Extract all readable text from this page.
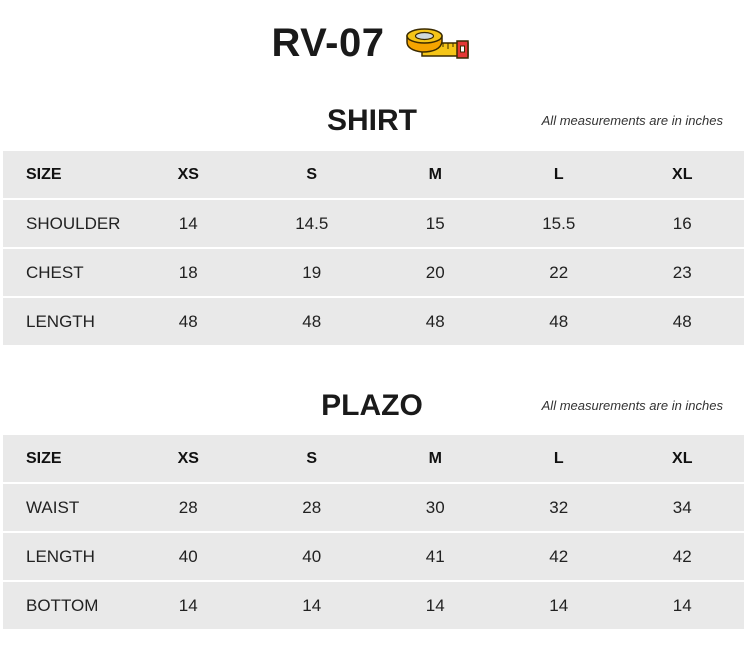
RV-07
SHIRT	All measurements are in inches
SIZE	XS	S	M	L	XL
SHOULDER	14	14.5	15	15.5	16
CHEST	18	19	20	22	23
LENGTH	48	48	48	48	48
PLAZO	All measurements are in inches
SIZE	XS	S	M	L	XL
WAIST	28	28	30	32	34
LENGTH	40	40	41	42	42
BOTTOM	14	14	14	14	14
